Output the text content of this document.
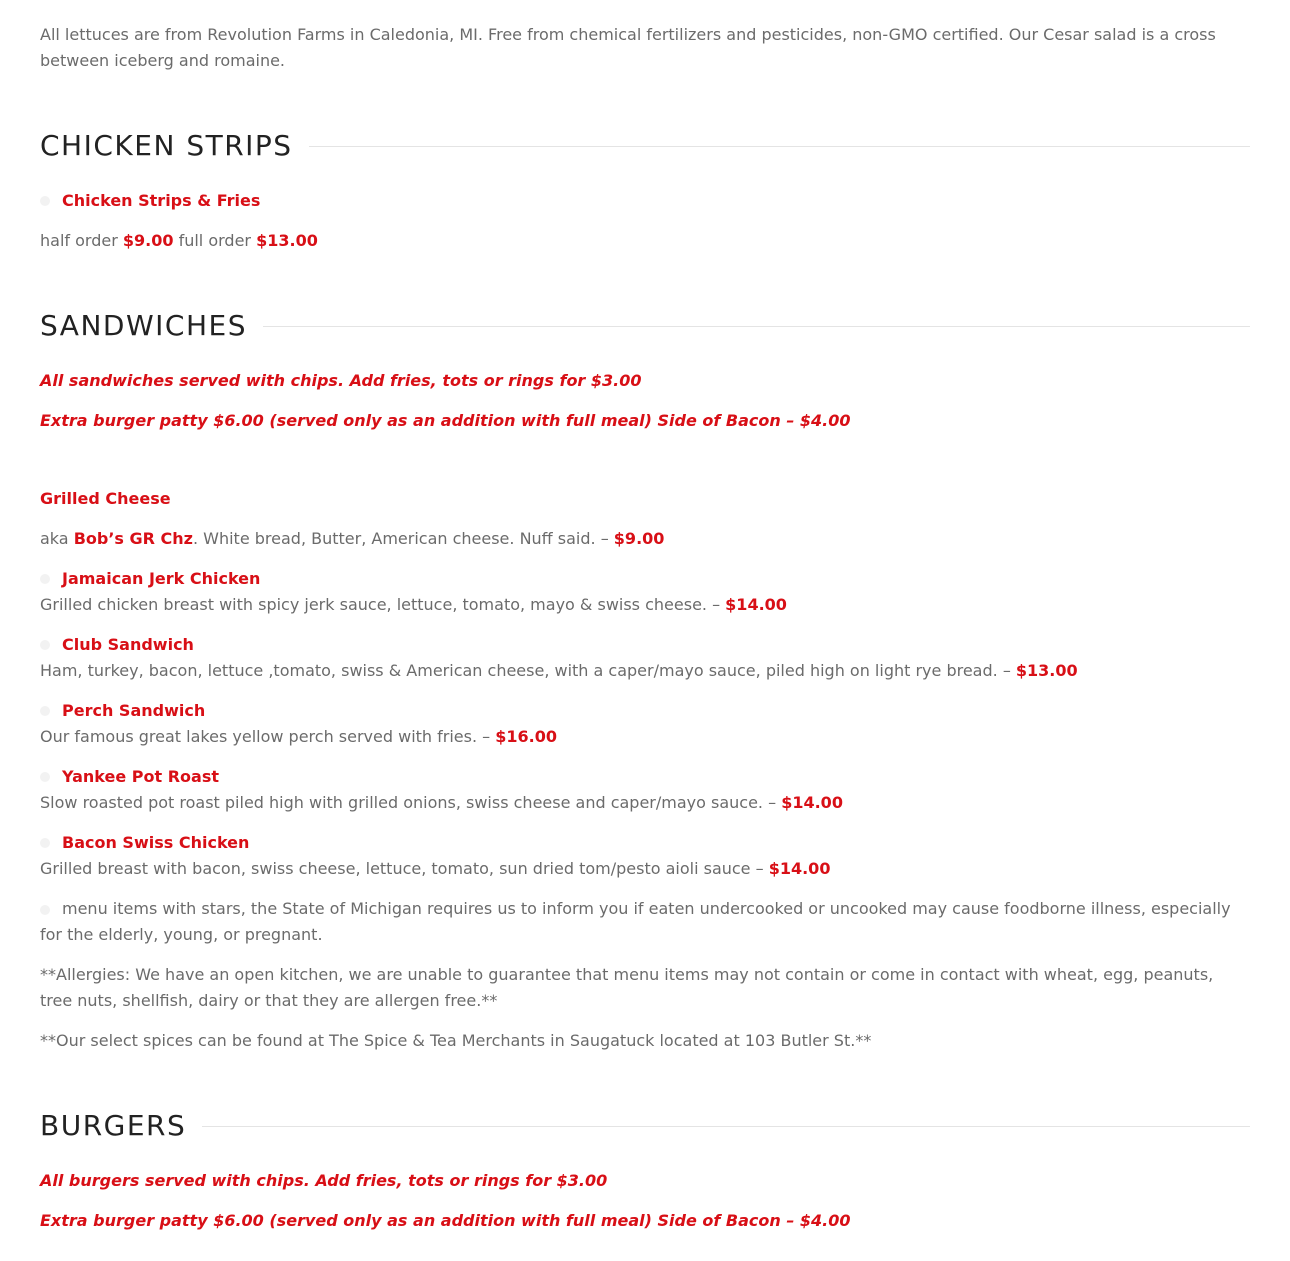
All lettuces are from Revolution Farms in Caledonia, MI. Free from chemical fertilizers and pesticides, non-GMO certified. Our Cesar salad is a cross between iceberg and romaine.

CHICKEN STRIPS
Chicken Strips & Fries

half order $9.00 full order $13.00

SANDWICHES

All sandwiches served with chips. Add fries, tots or rings for $3.00

Extra burger patty $6.00 (served only as an addition with full meal) Side of Bacon – $4.00

Grilled Cheese

aka Bob’s GR Chz. White bread, Butter, American cheese. Nuff said. – $9.00

Jamaican Jerk Chicken

Grilled chicken breast with spicy jerk sauce, lettuce, tomato, mayo & swiss cheese. – $14.00

Club Sandwich

Ham, turkey, bacon, lettuce ,tomato, swiss & American cheese, with a caper/mayo sauce, piled high on light rye bread. – $13.00

Perch Sandwich

Our famous great lakes yellow perch served with fries. – $16.00

Yankee Pot Roast

Slow roasted pot roast piled high with grilled onions, swiss cheese and caper/mayo sauce. – $14.00

Bacon Swiss Chicken

Grilled breast with bacon, swiss cheese, lettuce, tomato, sun dried tom/pesto aioli sauce – $14.00

menu items with stars, the State of Michigan requires us to inform you if eaten undercooked or uncooked may cause foodborne illness, especially for the elderly, young, or pregnant.

**Allergies: We have an open kitchen, we are unable to guarantee that menu items may not contain or come in contact with wheat, egg, peanuts, tree nuts, shellfish, dairy or that they are allergen free.**

**Our select spices can be found at The Spice & Tea Merchants in Saugatuck located at 103 Butler St.**

BURGERS

All burgers served with chips. Add fries, tots or rings for $3.00

Extra burger patty $6.00 (served only as an addition with full meal) Side of Bacon – $4.00
